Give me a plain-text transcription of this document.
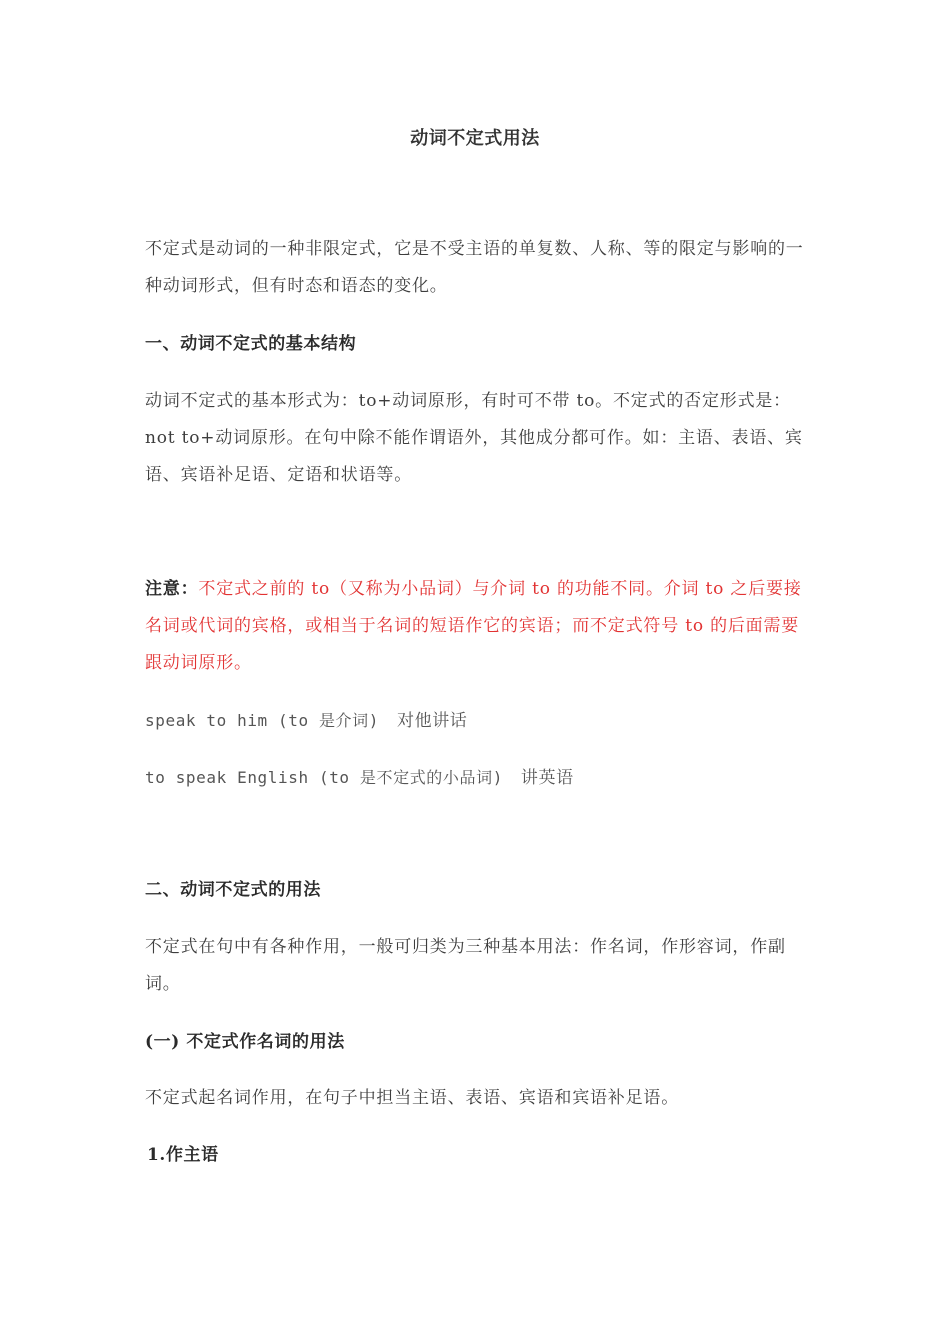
动词不定式用法

不定式是动词的一种非限定式，它是不受主语的单复数、人称、等的限定与影响的一种动词形式，但有时态和语态的变化。

一、动词不定式的基本结构

动词不定式的基本形式为：to+动词原形，有时可不带 to。不定式的否定形式是：not to+动词原形。在句中除不能作谓语外，其他成分都可作。如：主语、表语、宾语、宾语补足语、定语和状语等。

注意：不定式之前的 to（又称为小品词）与介词 to 的功能不同。介词 to 之后要接名词或代词的宾格，或相当于名词的短语作它的宾语；而不定式符号 to 的后面需要跟动词原形。

speak to him (to 是介词) 对他讲话

to speak English (to 是不定式的小品词) 讲英语

二、动词不定式的用法

不定式在句中有各种作用，一般可归类为三种基本用法：作名词，作形容词，作副词。

(一) 不定式作名词的用法

不定式起名词作用，在句子中担当主语、表语、宾语和宾语补足语。

1.作主语
